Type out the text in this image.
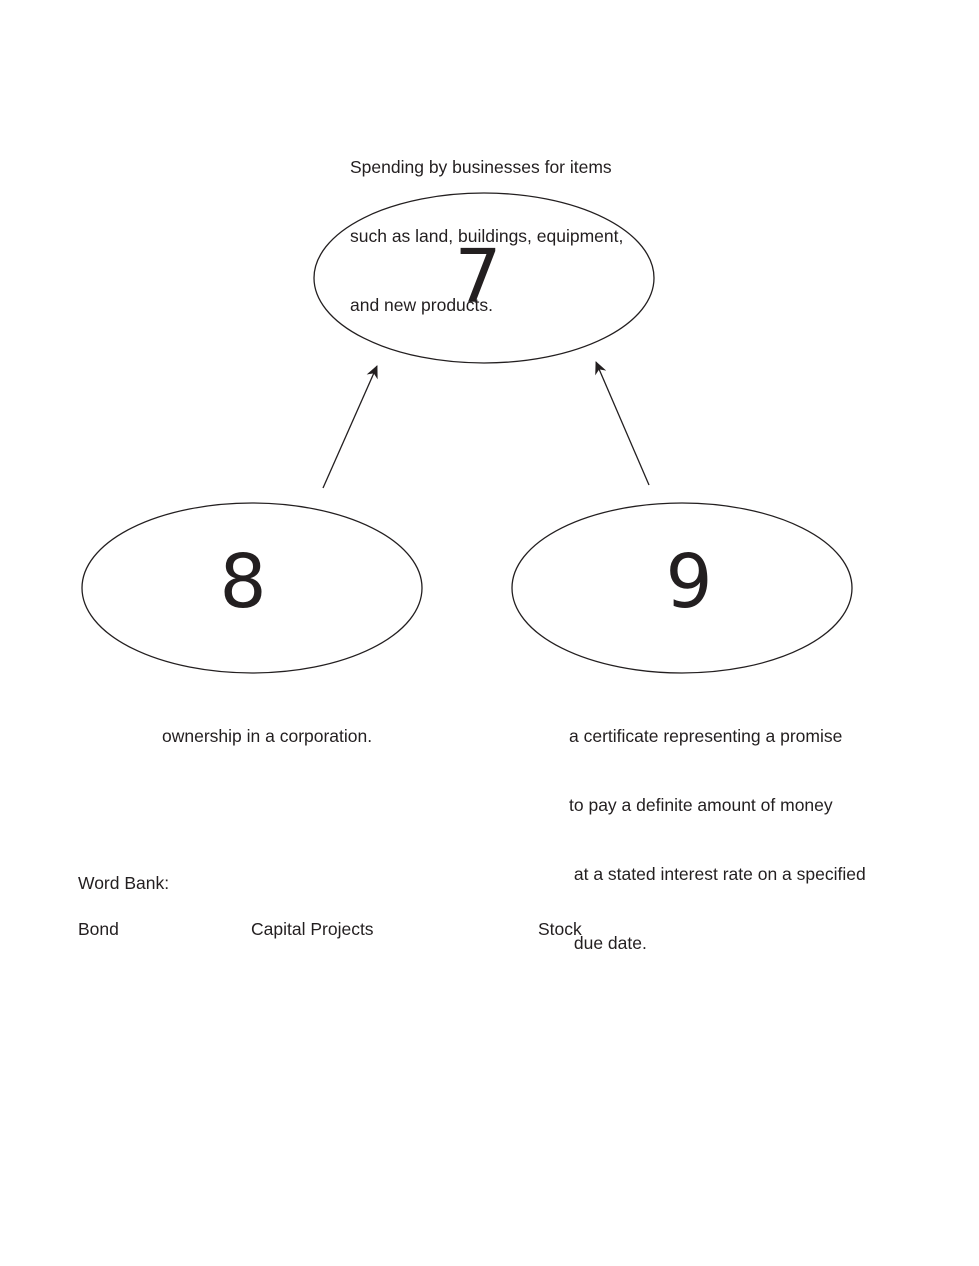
7
8	9

Spending by businesses for items

such as land, buildings, equipment,

and new products.

ownership in a corporation.

	a certificate representing a promise

to pay a definite amount of money

at a stated interest rate on a specified

due date.

Word Bank:
Bond	Capital Projects	Stock
